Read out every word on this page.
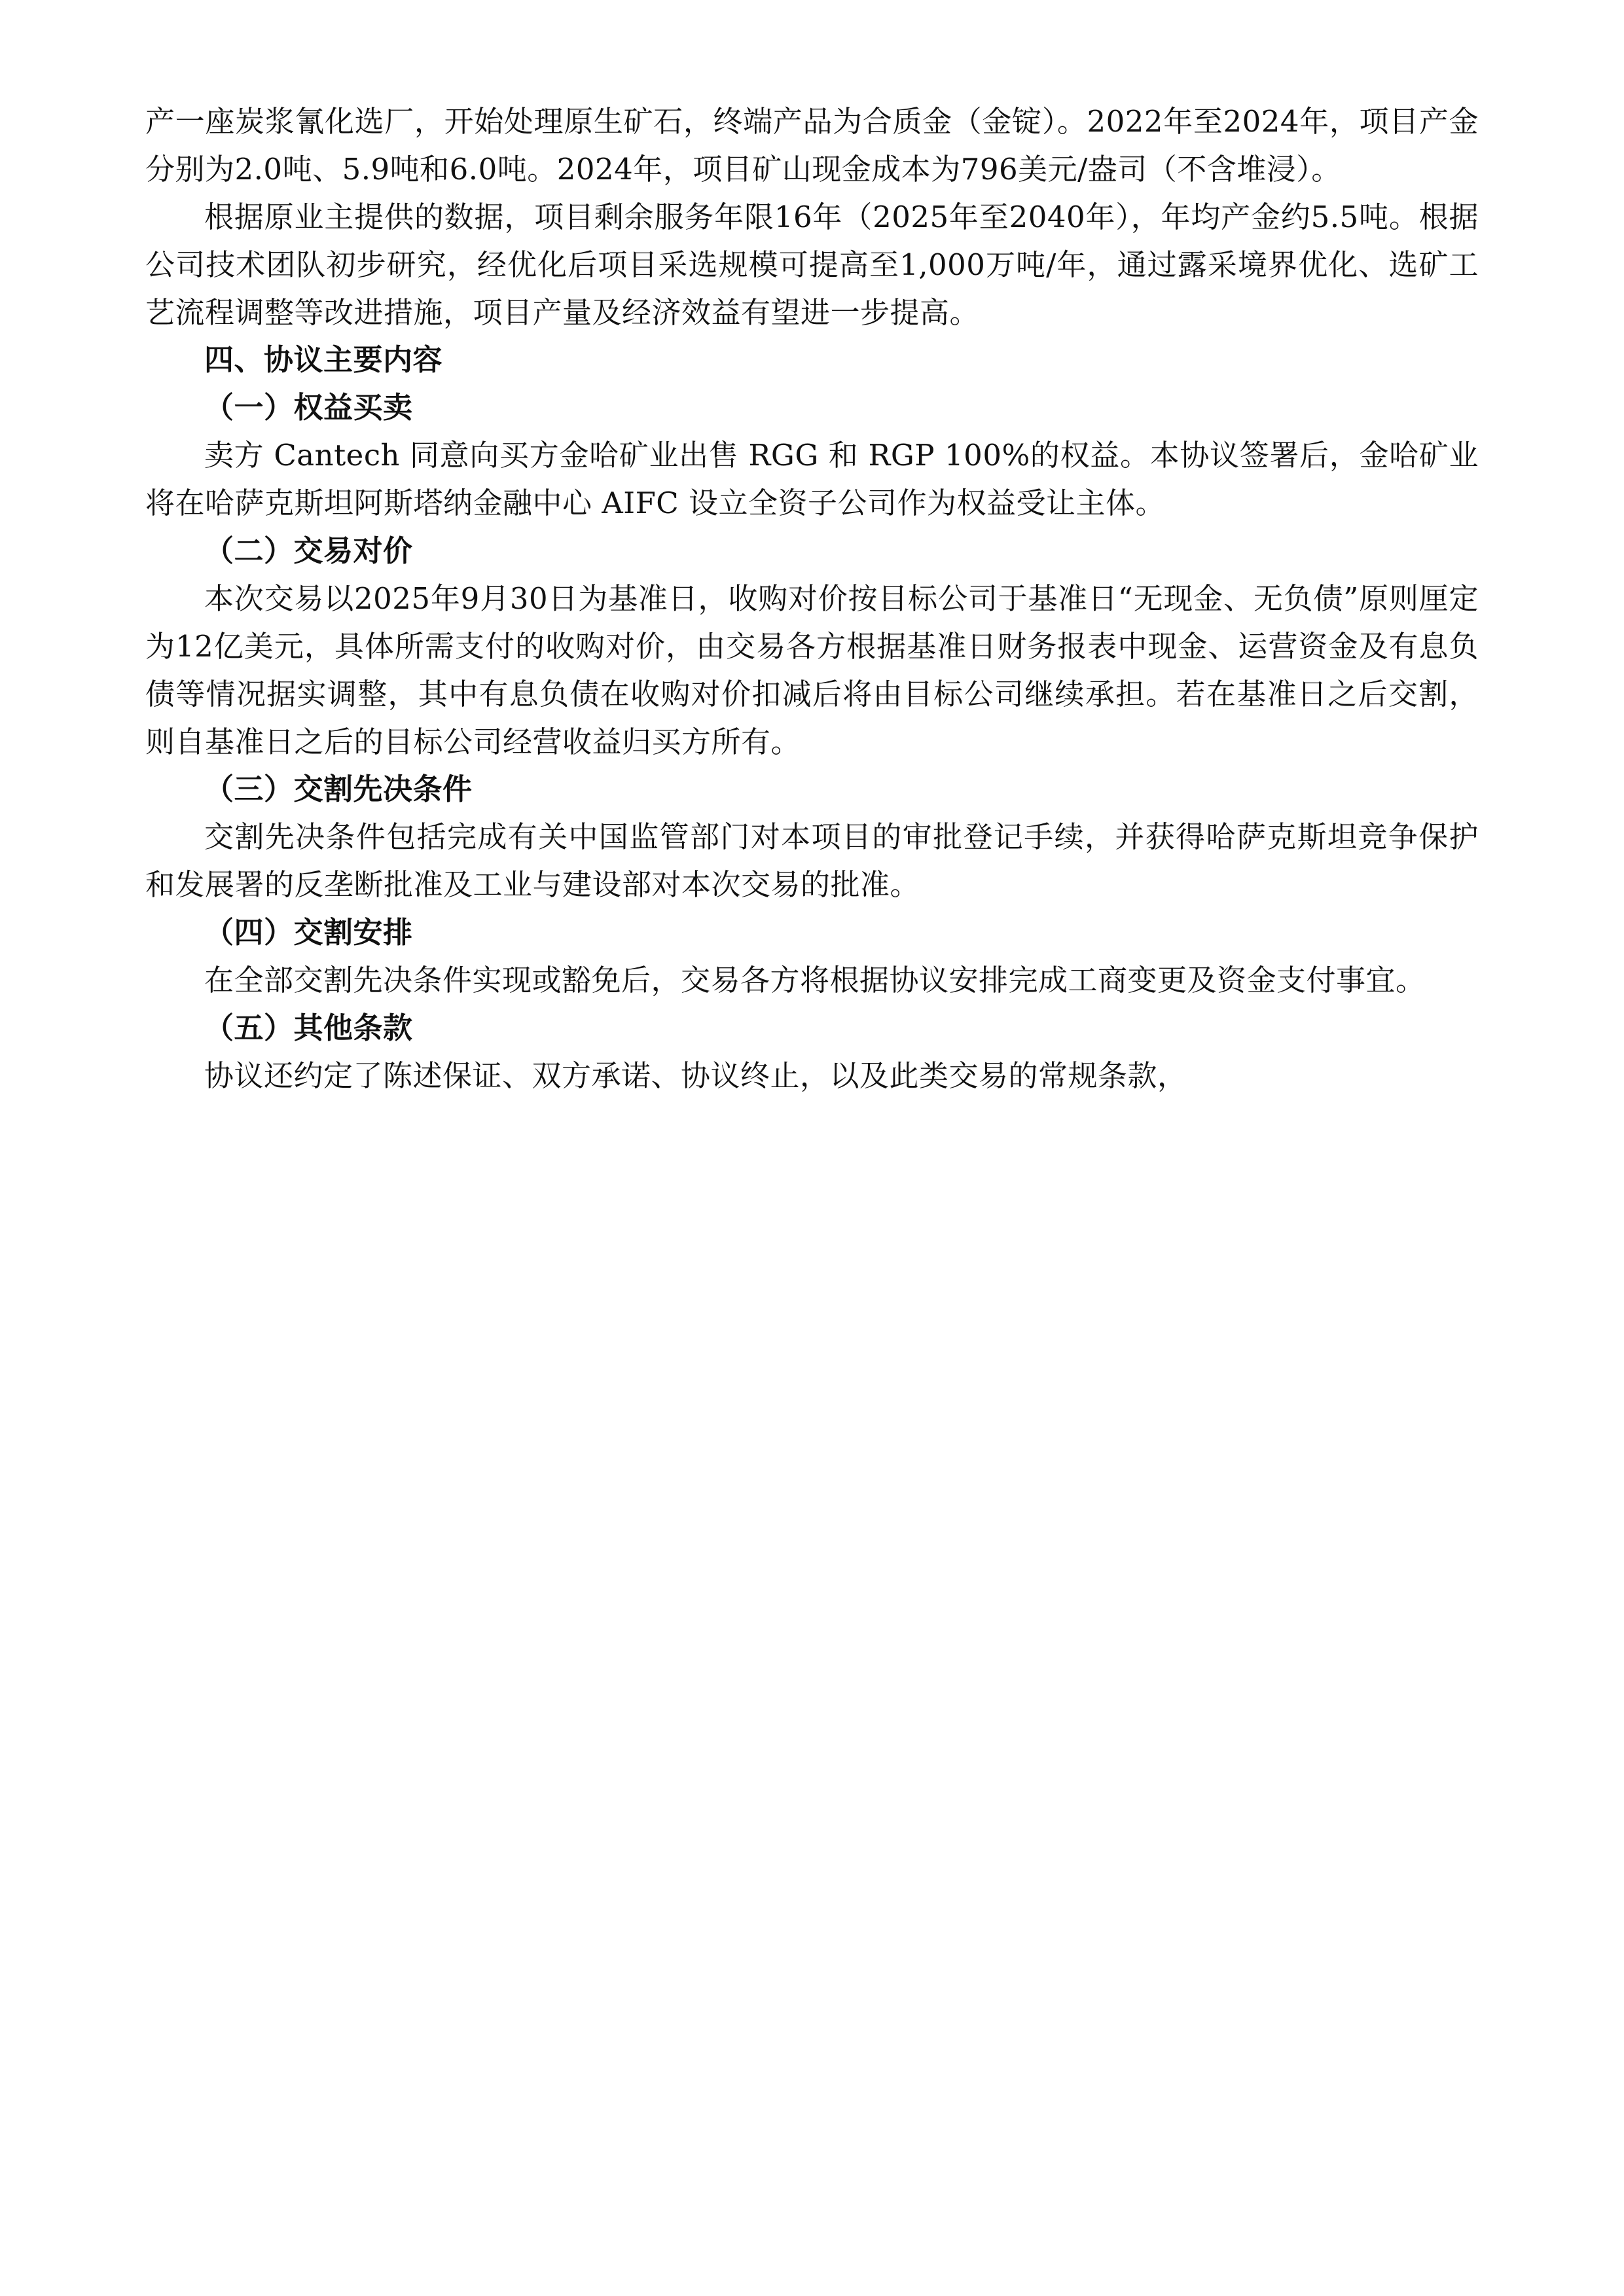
产一座炭浆氰化选厂，开始处理原生矿石，终端产品为合质金（金锭）。2022年至2024年，项目产金分别为2.0吨、5.9吨和6.0吨。2024年，项目矿山现金成本为796美元/盎司（不含堆浸）。

根据原业主提供的数据，项目剩余服务年限16年（2025年至2040年），年均产金约5.5吨。根据公司技术团队初步研究，经优化后项目采选规模可提高至1,000万吨/年，通过露采境界优化、选矿工艺流程调整等改进措施，项目产量及经济效益有望进一步提高。

四、协议主要内容

（一）权益买卖

卖方 Cantech 同意向买方金哈矿业出售 RGG 和 RGP 100%的权益。本协议签署后，金哈矿业将在哈萨克斯坦阿斯塔纳金融中心 AIFC 设立全资子公司作为权益受让主体。

（二）交易对价

本次交易以2025年9月30日为基准日，收购对价按目标公司于基准日“无现金、无负债”原则厘定为12亿美元，具体所需支付的收购对价，由交易各方根据基准日财务报表中现金、运营资金及有息负债等情况据实调整，其中有息负债在收购对价扣减后将由目标公司继续承担。若在基准日之后交割，则自基准日之后的目标公司经营收益归买方所有。

（三）交割先决条件

交割先决条件包括完成有关中国监管部门对本项目的审批登记手续，并获得哈萨克斯坦竞争保护和发展署的反垄断批准及工业与建设部对本次交易的批准。

（四）交割安排

在全部交割先决条件实现或豁免后，交易各方将根据协议安排完成工商变更及资金支付事宜。

（五）其他条款

协议还约定了陈述保证、双方承诺、协议终止，以及此类交易的常规条款，
